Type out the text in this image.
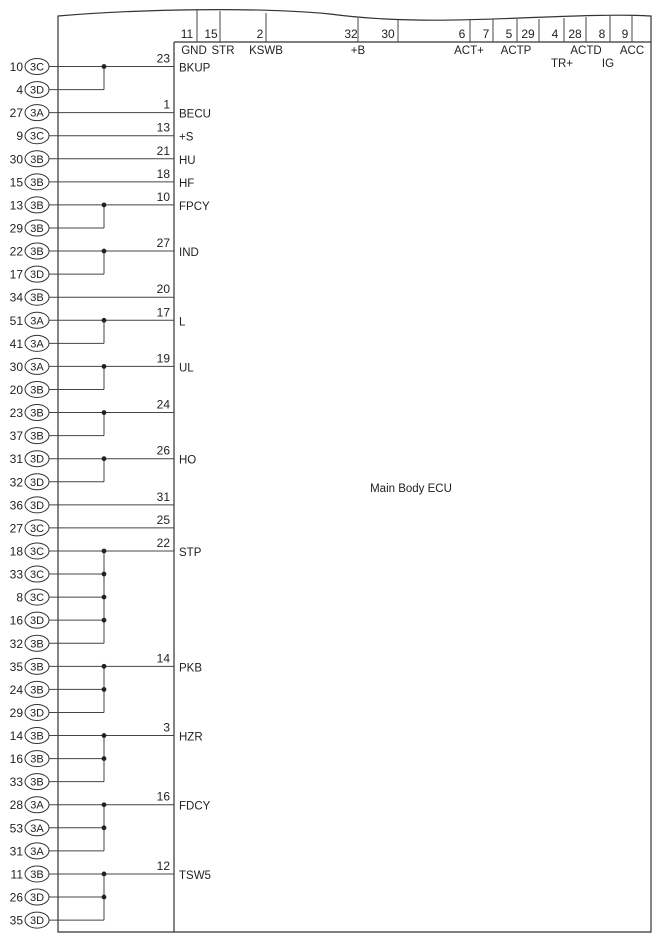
Main Body ECU
11
GND
15
STR
2
KSWB
32
+B
30	6
ACT+
7 5
ACTP
29 4
TR+
28
ACTD
8
IG
9
ACC
23
BKUP
10 3C
4 3D
1
BECU
27 3A
13
+S
9 3C
21
HU
30 3B
18
HF
15 3B
10
FPCY
13 3B
29 3B
27
IND
22 3B
17 3D
20
34 3B
17
L
51 3A
41 3A
19
UL
30 3A
20 3B
24
23 3B
37 3B
26
HO
31 3D
32 3D
31
36 3D
25
27 3C
22
STP
18 3C
33 3C
8 3C
16 3D
32 3B
14
PKB
35 3B
24 3B
29 3D
3
HZR
14 3B
16 3B
33 3B
16
FDCY
28 3A
53 3A
31 3A
12
TSW5
11 3B
26 3D
35 3D
